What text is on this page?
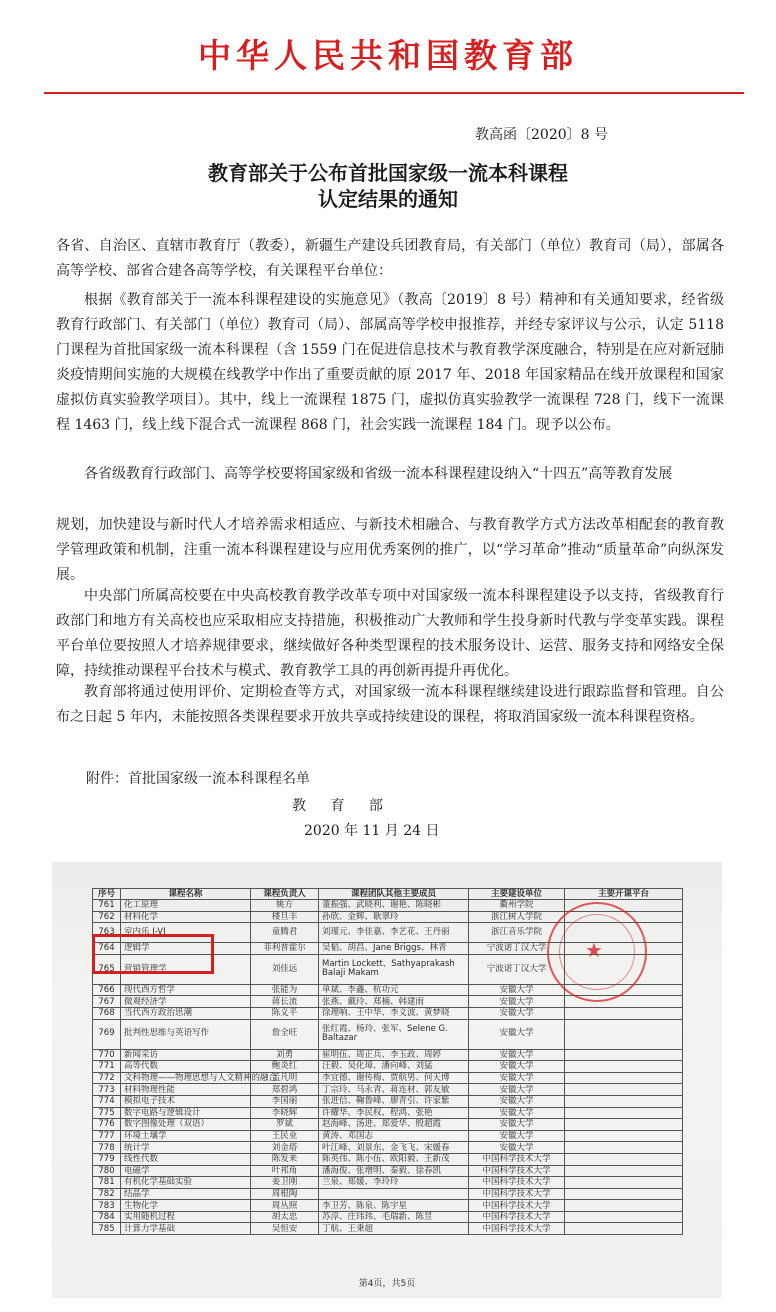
中华人民共和国教育部
教高函〔2020〕8 号
教育部关于公布首批国家级一流本科课程
认定结果的通知

各省、自治区、直辖市教育厅（教委），新疆生产建设兵团教育局，有关部门（单位）教育司（局），部属各高等学校、部省合建各高等学校，有关课程平台单位：

根据《教育部关于一流本科课程建设的实施意见》（教高〔2019〕8 号）精神和有关通知要求，经省级教育行政部门、有关部门（单位）教育司（局）、部属高等学校申报推荐，并经专家评议与公示，认定 5118 门课程为首批国家级一流本科课程（含 1559 门在促进信息技术与教育教学深度融合，特别是在应对新冠肺炎疫情期间实施的大规模在线教学中作出了重要贡献的原 2017 年、2018 年国家精品在线开放课程和国家虚拟仿真实验教学项目）。其中，线上一流课程 1875 门，虚拟仿真实验教学一流课程 728 门，线下一流课程 1463 门，线上线下混合式一流课程 868 门，社会实践一流课程 184 门。现予以公布。

各省级教育行政部门、高等学校要将国家级和省级一流本科课程建设纳入“十四五”高等教育发展

规划，加快建设与新时代人才培养需求相适应、与新技术相融合、与教育教学方式方法改革相配套的教育教学管理政策和机制，注重一流本科课程建设与应用优秀案例的推广，以“学习革命”推动“质量革命”向纵深发展。

中央部门所属高校要在中央高校教育教学改革专项中对国家级一流本科课程建设予以支持，省级教育行政部门和地方有关高校也应采取相应支持措施，积极推动广大教师和学生投身新时代教与学变革实践。课程平台单位要按照人才培养规律要求，继续做好各种类型课程的技术服务设计、运营、服务支持和网络安全保障，持续推动课程平台技术与模式、教育教学工具的再创新再提升再优化。

教育部将通过使用评价、定期检查等方式，对国家级一流本科课程继续建设进行跟踪监督和管理。自公布之日起 5 年内，未能按照各类课程要求开放共享或持续建设的课程，将取消国家级一流本科课程资格。

附件：首批国家级一流本科课程名单
教 育 部
2020 年 11 月 24 日
序号	课程名称	课程负责人	课程团队其他主要成员	主要建设单位	主要开课平台
761	化工原理	姚方	董振强、武晓利、谢艳、陈晓彬	衢州学院	
762	材料化学	楼旦丰	孙欣、金辉、耿翠玲	浙江树人学院	
763	室内乐 I-VI	童腾君	刘瑾元、李佳嘉、李艺花、王丹丽	浙江音乐学院	
764	逻辑学	菲利普霍尔	吴韬、胡昌、Jane Briggs、林青	宁波诺丁汉大学	
765	营销管理学	刘佳远	Martin Lockett、Sathyaprakash Balaji Makam	宁波诺丁汉大学	
766	现代西方哲学	张能为	单斌、李鑫、杭功元	安徽大学	
767	微观经济学	蒋长流	张燕、戴玲、郑楠、韩建雨	安徽大学	
768	当代西方政治思潮	陈义平	徐理响、王中华、李义波、黄梦晓	安徽大学	
769	批判性思维与英语写作	詹全旺	张红霞、杨玲、张军、Selene G. Baltazar	安徽大学	
770	新闻采访	刘勇	崔明伍、周正兵、李玉政、周婷	安徽大学	
771	高等代数	鲍炎红	汪毅、吴化璋、潘向峰、刘猛	安徽大学	
772	文科物理——物理思想与人文精神的融合	孟凡明	李宜德、谢传梅、贾航男、何天博	安徽大学	
773	材料物理性能	郑碧鸿	丁宗玲、马永青、蒋连材、郭友敏	安徽大学	
774	模拟电子技术	李国丽	张进信、鞠鲁峰、廖青引、许家紫	安徽大学	
775	数字电路与逻辑设计	李晓辉	许耀华、李民权、程鸿、张艳	安徽大学	
776	数字图像处理（双语）	罗斌	赵海峰、汤进、郑爱华、殷超霞	安徽大学	
777	环境土壤学	王民业	黄涛、邓国志	安徽大学	
778	统计学	刘金塔	叶江峰、刘景东、金飞飞、宋媛春	安徽大学	
779	线性代数	陈发来	陈英伟、陈小伍、欧阳毅、王新茂	中国科学技术大学	
780	电磁学	叶邦角	潘海俊、张增明、秦毅、徐春凯	中国科学技术大学	
781	有机化学基础实验	姜卫刚	兰泉、郑媛、李玲玲	中国科学技术大学	
782	结晶学	周根陶		中国科学技术大学	
783	生物化学	周丛照	李卫芳、陈泉、陈宇星	中国科学技术大学	
784	实用随机过程	胡太忠	苏淳、庄玮玮、毛瑞新、陈昱	中国科学技术大学	
785	计算力学基础	吴恒安	丁航、王秉超	中国科学技术大学	
★
第4页，共5页
